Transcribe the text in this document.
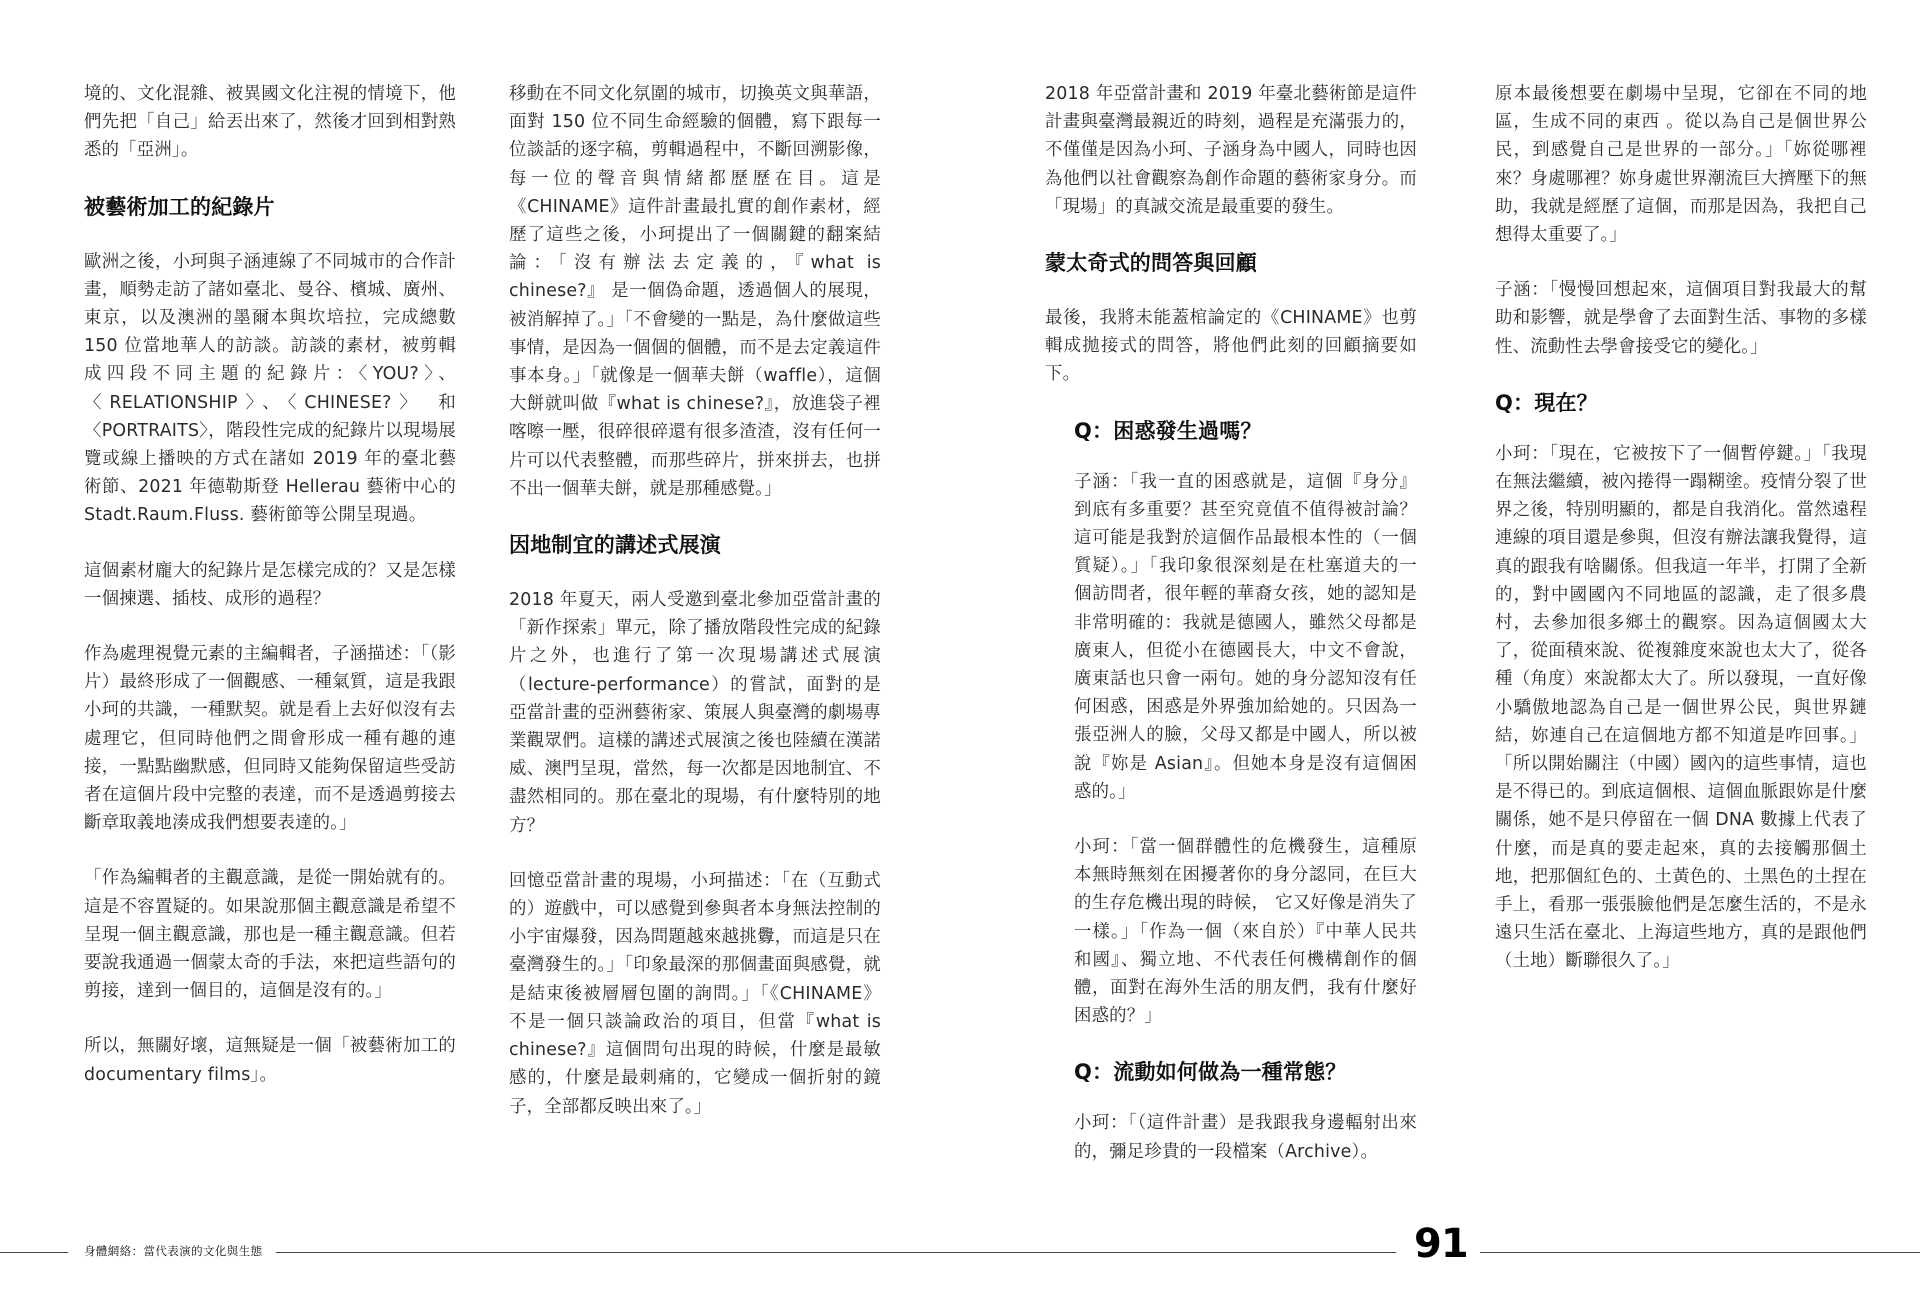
境的、文化混雜、被異國文化注視的情境下，他們先把「自己」給丟出來了，然後才回到相對熟悉的「亞洲」。

被藝術加工的紀錄片

歐洲之後，小珂與子涵連線了不同城市的合作計畫，順勢走訪了諸如臺北、曼谷、檳城、廣州、東京，以及澳洲的墨爾本與坎培拉，完成總數 150 位當地華人的訪談。訪談的素材，被剪輯成四段不同主題的紀錄片：〈YOU?〉、〈RELATIONSHIP〉、〈CHINESE?〉 和〈PORTRAITS〉，階段性完成的紀錄片以現場展覽或線上播映的方式在諸如 2019 年的臺北藝術節、2021 年德勒斯登 Hellerau 藝術中心的 Stadt.Raum.Fluss. 藝術節等公開呈現過。

這個素材龐大的紀錄片是怎樣完成的？又是怎樣一個揀選、插枝、成形的過程？

作為處理視覺元素的主編輯者，子涵描述：「（影片）最終形成了一個觀感、一種氣質，這是我跟小珂的共識，一種默契。就是看上去好似沒有去處理它，但同時他們之間會形成一種有趣的連接，一點點幽默感，但同時又能夠保留這些受訪者在這個片段中完整的表達，而不是透過剪接去斷章取義地湊成我們想要表達的。」

「作為編輯者的主觀意識，是從一開始就有的。這是不容置疑的。如果說那個主觀意識是希望不呈現一個主觀意識，那也是一種主觀意識。但若要說我通過一個蒙太奇的手法，來把這些語句的剪接，達到一個目的，這個是沒有的。」

所以，無關好壞，這無疑是一個「被藝術加工的 documentary films」。

移動在不同文化氛圍的城市，切換英文與華語，面對 150 位不同生命經驗的個體，寫下跟每一位談話的逐字稿，剪輯過程中，不斷回溯影像，每一位的聲音與情緒都歷歷在目。這是《CHINAME》這件計畫最扎實的創作素材，經歷了這些之後，小珂提出了一個關鍵的翻案結論：「沒有辦法去定義的，『what is chinese?』 是一個偽命題，透過個人的展現，被消解掉了。」「不會變的一點是，為什麼做這些事情，是因為一個個的個體，而不是去定義這件事本身。」「就像是一個華夫餅（waffle），這個大餅就叫做『what is chinese?』，放進袋子裡喀嚓一壓，很碎很碎還有很多渣渣，沒有任何一片可以代表整體，而那些碎片，拼來拼去，也拼不出一個華夫餅，就是那種感覺。」

因地制宜的講述式展演

2018 年夏天，兩人受邀到臺北參加亞當計畫的「新作探索」單元，除了播放階段性完成的紀錄片之外，也進行了第一次現場講述式展演（lecture-performance）的嘗試，面對的是亞當計畫的亞洲藝術家、策展人與臺灣的劇場專業觀眾們。這樣的講述式展演之後也陸續在漢諾威、澳門呈現，當然，每一次都是因地制宜、不盡然相同的。那在臺北的現場，有什麼特別的地方？

回憶亞當計畫的現場，小珂描述：「在（互動式的）遊戲中，可以感覺到參與者本身無法控制的小宇宙爆發，因為問題越來越挑釁，而這是只在臺灣發生的。」「印象最深的那個畫面與感覺，就是結束後被層層包圍的詢問。」「《CHINAME》不是一個只談論政治的項目，但當『what is chinese?』這個問句出現的時候，什麼是最敏感的，什麼是最刺痛的，它變成一個折射的鏡子，全部都反映出來了。」

2018 年亞當計畫和 2019 年臺北藝術節是這件計畫與臺灣最親近的時刻，過程是充滿張力的，不僅僅是因為小珂、子涵身為中國人，同時也因為他們以社會觀察為創作命題的藝術家身分。而「現場」的真誠交流是最重要的發生。

蒙太奇式的問答與回顧

最後，我將未能蓋棺論定的《CHINAME》也剪輯成拋接式的問答，將他們此刻的回顧摘要如下。

Q：困惑發生過嗎？

子涵：「我一直的困惑就是，這個『身分』到底有多重要？甚至究竟值不值得被討論？這可能是我對於這個作品最根本性的（一個質疑）。」「我印象很深刻是在杜塞道夫的一個訪問者，很年輕的華裔女孩，她的認知是非常明確的：我就是德國人，雖然父母都是廣東人，但從小在德國長大，中文不會說，廣東話也只會一兩句。她的身分認知沒有任何困惑，困惑是外界強加給她的。只因為一張亞洲人的臉，父母又都是中國人，所以被說『妳是 Asian』。但她本身是沒有這個困惑的。」

小珂：「當一個群體性的危機發生，這種原本無時無刻在困擾著你的身分認同，在巨大的生存危機出現的時候， 它又好像是消失了一樣。」「作為一個（來自於）『中華人民共和國』、獨立地、不代表任何機構創作的個體，面對在海外生活的朋友們，我有什麼好困惑的？」

Q：流動如何做為一種常態？

小珂：「（這件計畫）是我跟我身邊輻射出來的，彌足珍貴的一段檔案（Archive）。

原本最後想要在劇場中呈現，它卻在不同的地區，生成不同的東西 。從以為自己是個世界公民，到感覺自己是世界的一部分。」「妳從哪裡來？身處哪裡？妳身處世界潮流巨大擠壓下的無助，我就是經歷了這個，而那是因為，我把自己想得太重要了。」

子涵：「慢慢回想起來，這個項目對我最大的幫助和影響，就是學會了去面對生活、事物的多樣性、流動性去學會接受它的變化。」

Q：現在？

小珂：「現在，它被按下了一個暫停鍵。」「我現在無法繼續，被內捲得一蹋糊塗。疫情分裂了世界之後，特別明顯的，都是自我消化。當然遠程連線的項目還是參與，但沒有辦法讓我覺得，這真的跟我有啥關係。但我這一年半，打開了全新的，對中國國內不同地區的認識，走了很多農村，去參加很多鄉土的觀察。因為這個國太大了，從面積來說、從複雜度來說也太大了，從各種（角度）來說都太大了。所以發現，一直好像小驕傲地認為自己是一個世界公民，與世界鏈結，妳連自己在這個地方都不知道是咋回事。」「所以開始關注（中國）國內的這些事情，這也是不得已的。到底這個根、這個血脈跟妳是什麼關係，她不是只停留在一個 DNA 數據上代表了什麼，而是真的要走起來，真的去接觸那個土地，把那個紅色的、土黃色的、土黑色的土捏在手上，看那一張張臉他們是怎麼生活的，不是永遠只生活在臺北、上海這些地方，真的是跟他們（土地）斷聯很久了。」

身體網絡：當代表演的文化與生態	91
